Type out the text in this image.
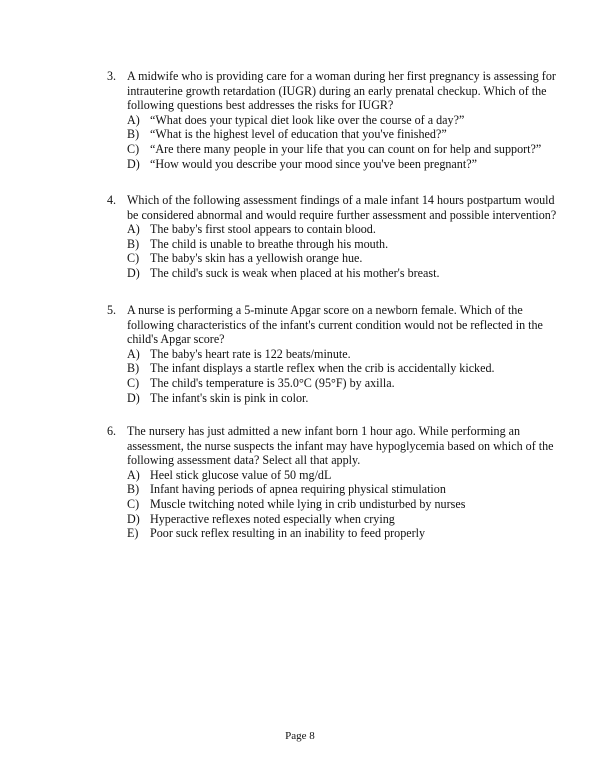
3. A midwife who is providing care for a woman during her first pregnancy is assessing for intrauterine growth retardation (IUGR) during an early prenatal checkup. Which of the following questions best addresses the risks for IUGR?
A) “What does your typical diet look like over the course of a day?”
B) “What is the highest level of education that you've finished?”
C) “Are there many people in your life that you can count on for help and support?”
D) “How would you describe your mood since you've been pregnant?”
4. Which of the following assessment findings of a male infant 14 hours postpartum would be considered abnormal and would require further assessment and possible intervention?
A) The baby's first stool appears to contain blood.
B) The child is unable to breathe through his mouth.
C) The baby's skin has a yellowish orange hue.
D) The child's suck is weak when placed at his mother's breast.
5. A nurse is performing a 5-minute Apgar score on a newborn female. Which of the following characteristics of the infant's current condition would not be reflected in the child's Apgar score?
A) The baby's heart rate is 122 beats/minute.
B) The infant displays a startle reflex when the crib is accidentally kicked.
C) The child's temperature is 35.0°C (95°F) by axilla.
D) The infant's skin is pink in color.
6. The nursery has just admitted a new infant born 1 hour ago. While performing an assessment, the nurse suspects the infant may have hypoglycemia based on which of the following assessment data? Select all that apply.
A) Heel stick glucose value of 50 mg/dL
B) Infant having periods of apnea requiring physical stimulation
C) Muscle twitching noted while lying in crib undisturbed by nurses
D) Hyperactive reflexes noted especially when crying
E) Poor suck reflex resulting in an inability to feed properly
Page 8
